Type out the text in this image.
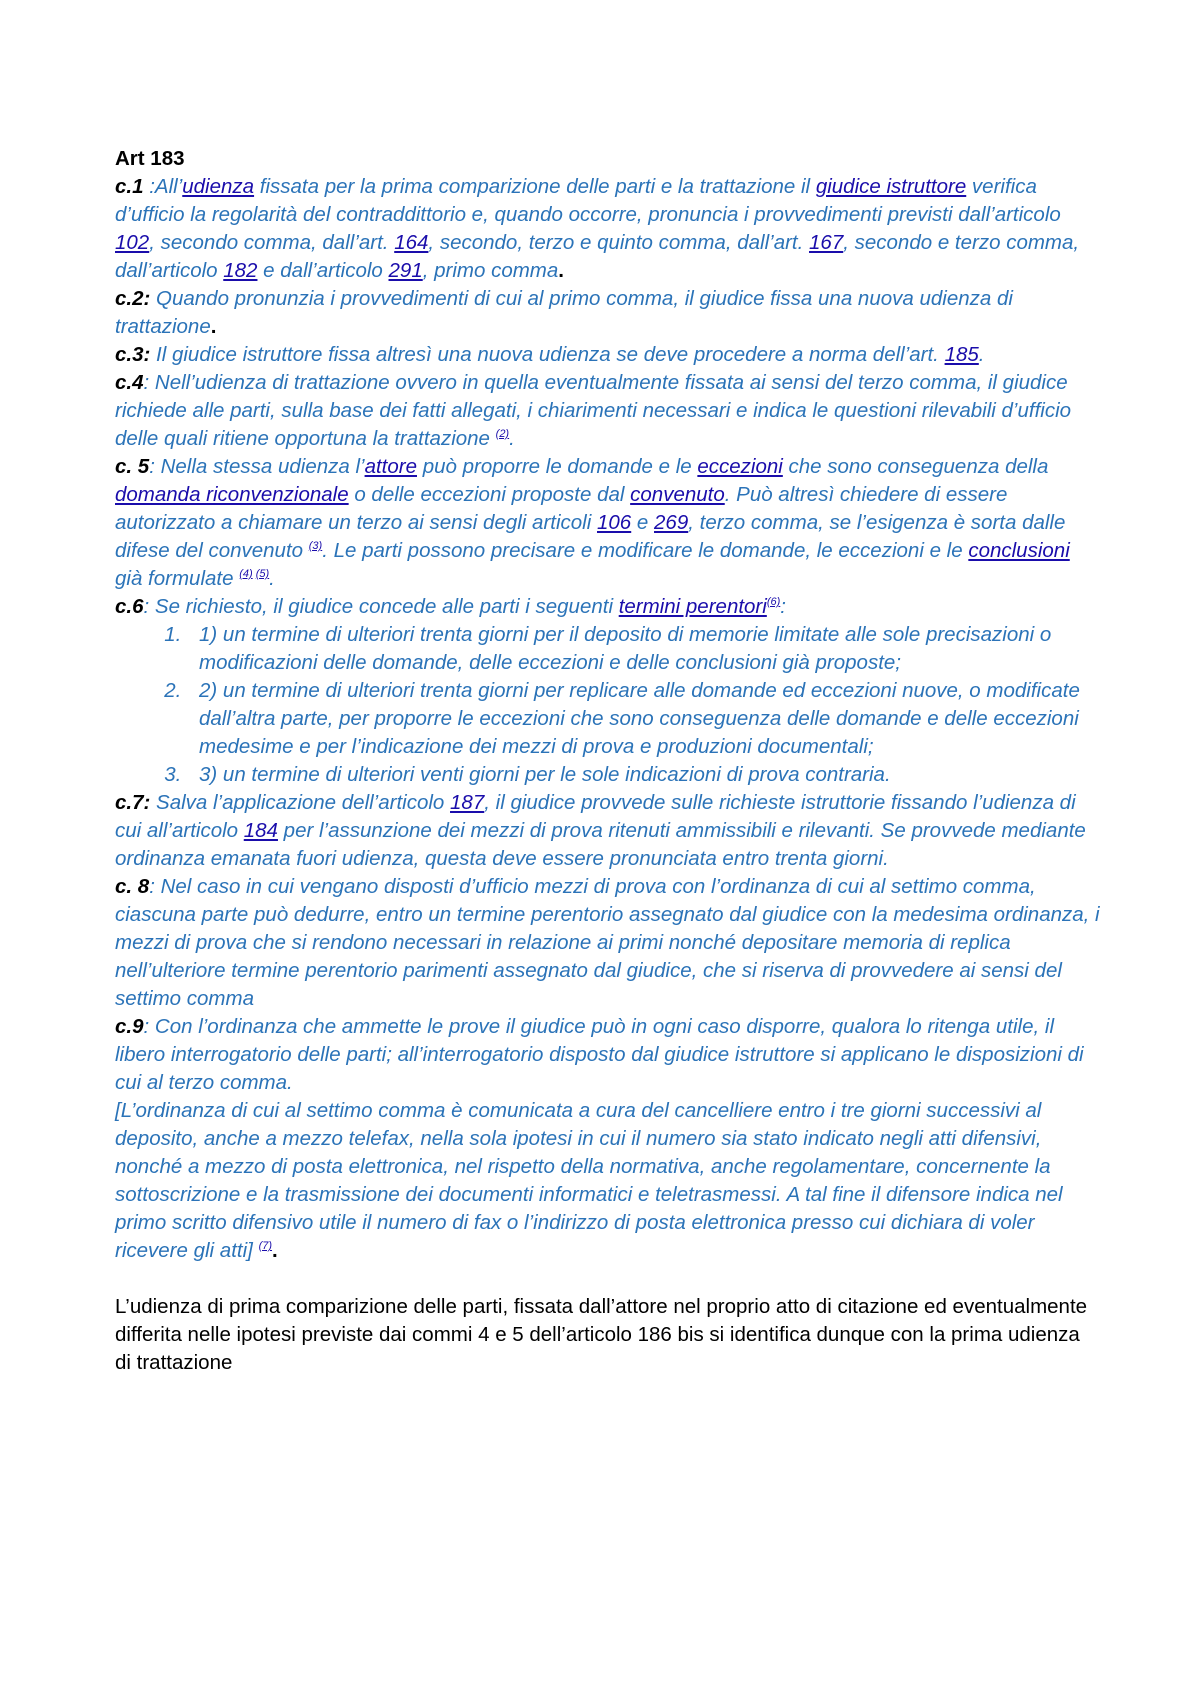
Art 183

c.1 :All’udienza fissata per la prima comparizione delle parti e la trattazione il giudice istruttore verifica d’ufficio la regolarità del contraddittorio e, quando occorre, pronuncia i provvedimenti previsti dall’articolo 102, secondo comma, dall’art. 164, secondo, terzo e quinto comma, dall’art. 167, secondo e terzo comma, dall’articolo 182 e dall’articolo 291, primo comma.

c.2: Quando pronunzia i provvedimenti di cui al primo comma, il giudice fissa una nuova udienza di trattazione.

c.3: Il giudice istruttore fissa altresì una nuova udienza se deve procedere a norma dell’art. 185.

c.4: Nell’udienza di trattazione ovvero in quella eventualmente fissata ai sensi del terzo comma, il giudice richiede alle parti, sulla base dei fatti allegati, i chiarimenti necessari e indica le questioni rilevabili d’ufficio delle quali ritiene opportuna la trattazione $^{(2)}$.

c. 5: Nella stessa udienza l’attore può proporre le domande e le eccezioni che sono conseguenza della domanda riconvenzionale o delle eccezioni proposte dal convenuto. Può altresì chiedere di essere autorizzato a chiamare un terzo ai sensi degli articoli 106 e 269, terzo comma, se l’esigenza è sorta dalle difese del convenuto $^{(3)}$. Le parti possono precisare e modificare le domande, le eccezioni e le conclusioni già formulate $^{(4) (5)}$.

c.6: Se richiesto, il giudice concede alle parti i seguenti termini perentori$^{(6)}$:

1. 1) un termine di ulteriori trenta giorni per il deposito di memorie limitate alle sole precisazioni o modificazioni delle domande, delle eccezioni e delle conclusioni già proposte;
2. 2) un termine di ulteriori trenta giorni per replicare alle domande ed eccezioni nuove, o modificate dall’altra parte, per proporre le eccezioni che sono conseguenza delle domande e delle eccezioni medesime e per l’indicazione dei mezzi di prova e produzioni documentali;
3. 3) un termine di ulteriori venti giorni per le sole indicazioni di prova contraria.

c.7: Salva l’applicazione dell’articolo 187, il giudice provvede sulle richieste istruttorie fissando l’udienza di cui all’articolo 184 per l’assunzione dei mezzi di prova ritenuti ammissibili e rilevanti. Se provvede mediante ordinanza emanata fuori udienza, questa deve essere pronunciata entro trenta giorni.

c. 8: Nel caso in cui vengano disposti d’ufficio mezzi di prova con l’ordinanza di cui al settimo comma, ciascuna parte può dedurre, entro un termine perentorio assegnato dal giudice con la medesima ordinanza, i mezzi di prova che si rendono necessari in relazione ai primi nonché depositare memoria di replica nell’ulteriore termine perentorio parimenti assegnato dal giudice, che si riserva di provvedere ai sensi del settimo comma

c.9: Con l’ordinanza che ammette le prove il giudice può in ogni caso disporre, qualora lo ritenga utile, il libero interrogatorio delle parti; all’interrogatorio disposto dal giudice istruttore si applicano le disposizioni di cui al terzo comma.
[L’ordinanza di cui al settimo comma è comunicata a cura del cancelliere entro i tre giorni successivi al deposito, anche a mezzo telefax, nella sola ipotesi in cui il numero sia stato indicato negli atti difensivi, nonché a mezzo di posta elettronica, nel rispetto della normativa, anche regolamentare, concernente la sottoscrizione e la trasmissione dei documenti informatici e teletrasmessi. A tal fine il difensore indica nel primo scritto difensivo utile il numero di fax o l’indirizzo di posta elettronica presso cui dichiara di voler ricevere gli atti] $^{(7)}$.

L’udienza di prima comparizione delle parti, fissata dall’attore nel proprio atto di citazione ed eventualmente differita nelle ipotesi previste dai commi 4 e 5 dell’articolo 186 bis si identifica dunque con la prima udienza di trattazione
